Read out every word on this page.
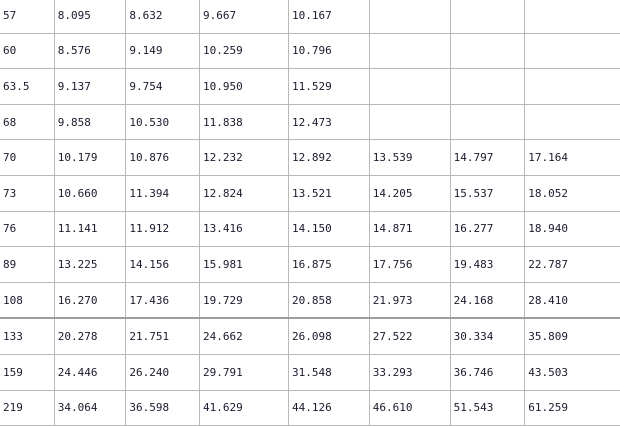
57	8.095	8.632	9.667	10.167			
60	8.576	9.149	10.259	10.796			
63.5	9.137	9.754	10.950	11.529			
68	9.858	10.530	11.838	12.473			
70	10.179	10.876	12.232	12.892	13.539	14.797	17.164
73	10.660	11.394	12.824	13.521	14.205	15.537	18.052
76	11.141	11.912	13.416	14.150	14.871	16.277	18.940
89	13.225	14.156	15.981	16.875	17.756	19.483	22.787
108	16.270	17.436	19.729	20.858	21.973	24.168	28.410
133	20.278	21.751	24.662	26.098	27.522	30.334	35.809
159	24.446	26.240	29.791	31.548	33.293	36.746	43.503
219	34.064	36.598	41.629	44.126	46.610	51.543	61.259
